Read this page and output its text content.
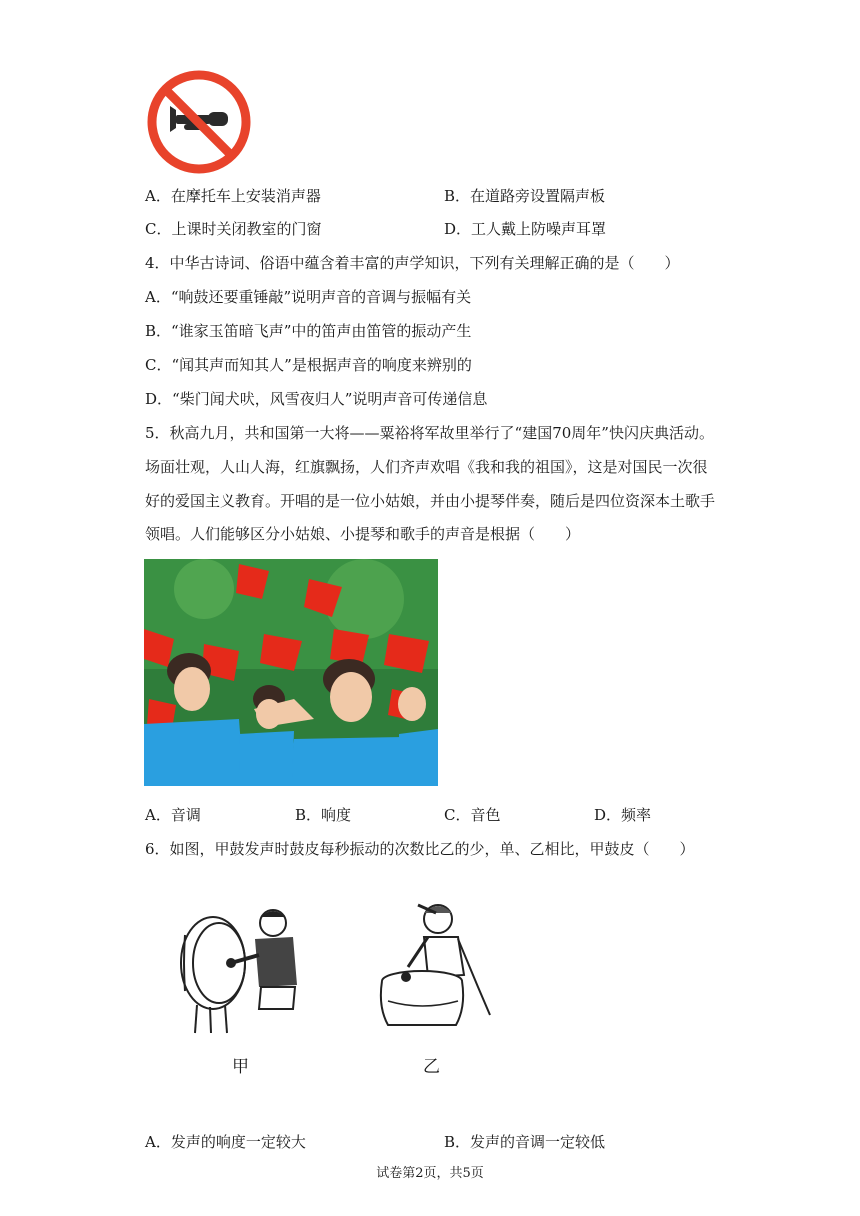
A．在摩托车上安装消声器	B．在道路旁设置隔声板
C．上课时关闭教室的门窗	D．工人戴上防噪声耳罩
4．中华古诗词、俗语中蕴含着丰富的声学知识，下列有关理解正确的是（　　）
A．“响鼓还要重锤敲”说明声音的音调与振幅有关
B．“谁家玉笛暗飞声”中的笛声由笛管的振动产生
C．“闻其声而知其人”是根据声音的响度来辨别的
D．“柴门闻犬吠，风雪夜归人”说明声音可传递信息
5．秋高九月，共和国第一大将——粟裕将军故里举行了“建国70周年”快闪庆典活动。
场面壮观，人山人海，红旗飘扬，人们齐声欢唱《我和我的祖国》，这是对国民一次很
好的爱国主义教育。开唱的是一位小姑娘，并由小提琴伴奏，随后是四位资深本土歌手
领唱。人们能够区分小姑娘、小提琴和歌手的声音是根据（　　）
A．音调	B．响度	C．音色	D．频率
6．如图，甲鼓发声时鼓皮每秒振动的次数比乙的少，单、乙相比，甲鼓皮（　　）
甲	乙
A．发声的响度一定较大	B．发声的音调一定较低
试卷第2页，共5页
